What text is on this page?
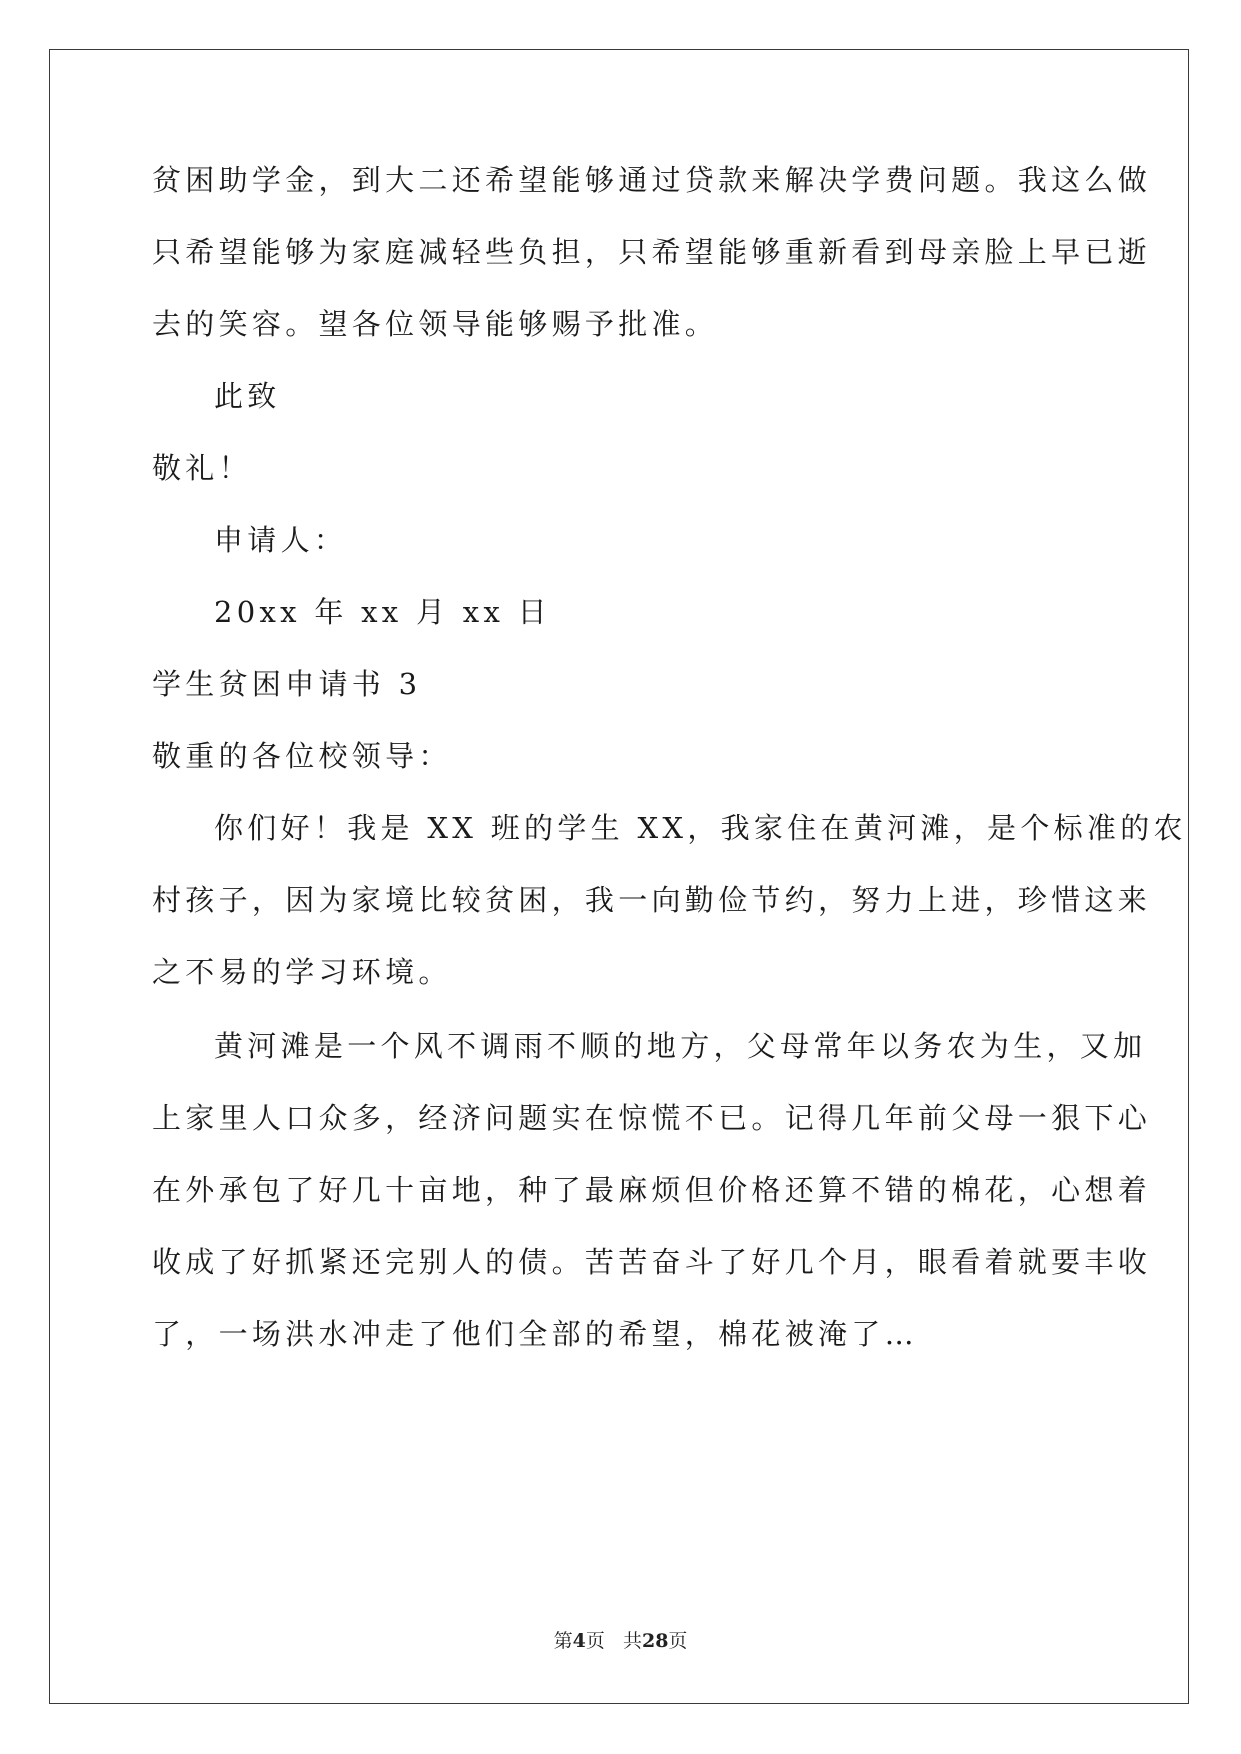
贫困助学金，到大二还希望能够通过贷款来解决学费问题。我这么做
只希望能够为家庭减轻些负担，只希望能够重新看到母亲脸上早已逝
去的笑容。望各位领导能够赐予批准。
此致
敬礼！
申请人：
20xx 年 xx 月 xx 日
学生贫困申请书 3
敬重的各位校领导：
你们好！我是 XX 班的学生 XX，我家住在黄河滩，是个标准的农
村孩子，因为家境比较贫困，我一向勤俭节约，努力上进，珍惜这来
之不易的学习环境。
黄河滩是一个风不调雨不顺的地方，父母常年以务农为生，又加
上家里人口众多，经济问题实在惊慌不已。记得几年前父母一狠下心
在外承包了好几十亩地，种了最麻烦但价格还算不错的棉花，心想着
收成了好抓紧还完别人的债。苦苦奋斗了好几个月，眼看着就要丰收
了，一场洪水冲走了他们全部的希望，棉花被淹了…
第4页 共28页
